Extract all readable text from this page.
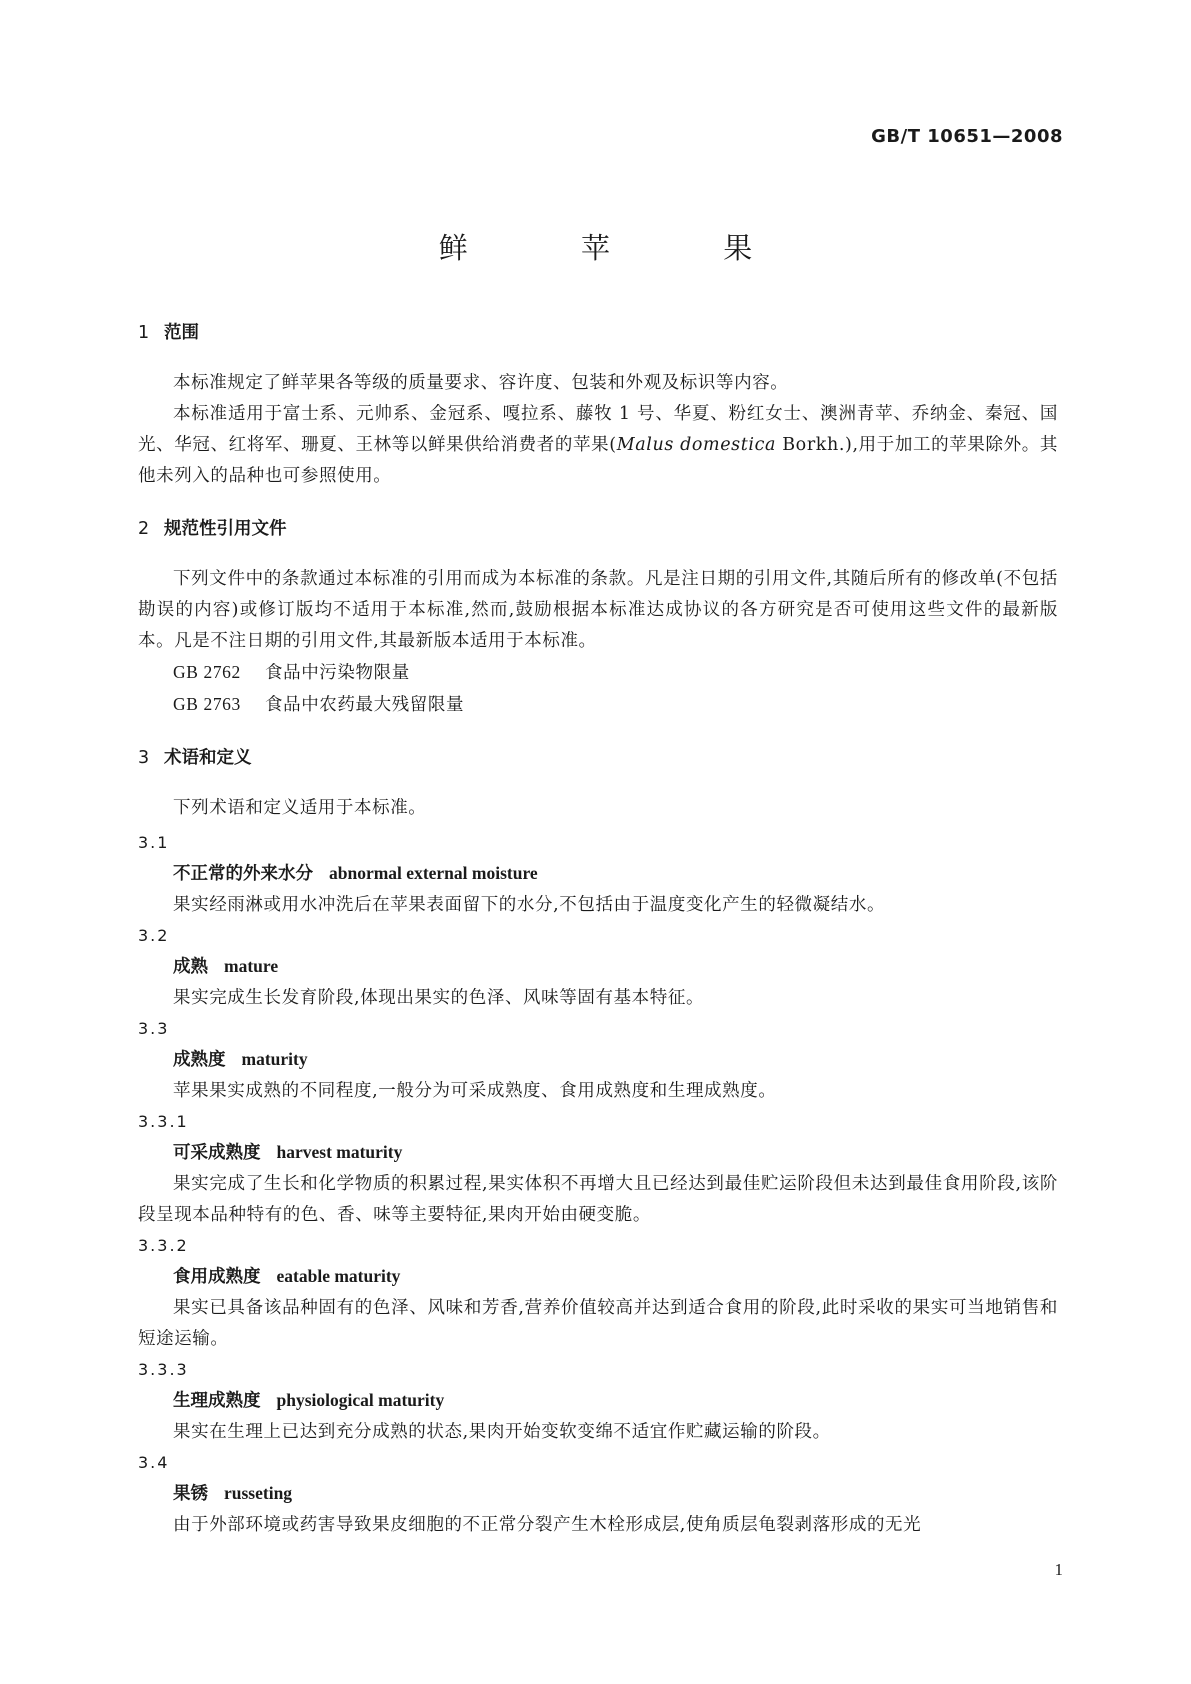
GB/T 10651—2008

鲜 苹 果
1 范围

本标准规定了鲜苹果各等级的质量要求、容许度、包装和外观及标识等内容。

本标准适用于富士系、元帅系、金冠系、嘎拉系、藤牧 1 号、华夏、粉红女士、澳洲青苹、乔纳金、秦冠、国光、华冠、红将军、珊夏、王林等以鲜果供给消费者的苹果(Malus domestica Borkh.),用于加工的苹果除外。其他未列入的品种也可参照使用。

2 规范性引用文件

下列文件中的条款通过本标准的引用而成为本标准的条款。凡是注日期的引用文件,其随后所有的修改单(不包括勘误的内容)或修订版均不适用于本标准,然而,鼓励根据本标准达成协议的各方研究是否可使用这些文件的最新版本。凡是不注日期的引用文件,其最新版本适用于本标准。

GB 2762 食品中污染物限量
GB 2763 食品中农药最大残留限量
3 术语和定义

下列术语和定义适用于本标准。

3.1

不正常的外来水分 abnormal external moisture

果实经雨淋或用水冲洗后在苹果表面留下的水分,不包括由于温度变化产生的轻微凝结水。

3.2

成熟 mature

果实完成生长发育阶段,体现出果实的色泽、风味等固有基本特征。

3.3

成熟度 maturity

苹果果实成熟的不同程度,一般分为可采成熟度、食用成熟度和生理成熟度。

3.3.1

可采成熟度 harvest maturity

果实完成了生长和化学物质的积累过程,果实体积不再增大且已经达到最佳贮运阶段但未达到最佳食用阶段,该阶段呈现本品种特有的色、香、味等主要特征,果肉开始由硬变脆。

3.3.2

食用成熟度 eatable maturity

果实已具备该品种固有的色泽、风味和芳香,营养价值较高并达到适合食用的阶段,此时采收的果实可当地销售和短途运输。

3.3.3

生理成熟度 physiological maturity

果实在生理上已达到充分成熟的状态,果肉开始变软变绵不适宜作贮藏运输的阶段。

3.4

果锈 russeting

由于外部环境或药害导致果皮细胞的不正常分裂产生木栓形成层,使角质层龟裂剥落形成的无光

1
